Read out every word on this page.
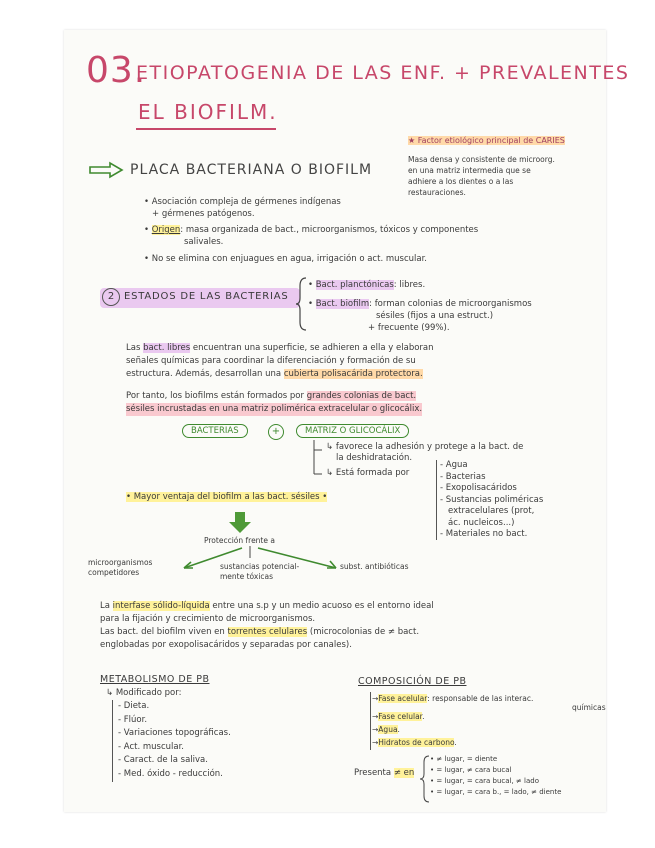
03.
ETIOPATOGENIA DE LAS ENF. + PREVALENTES
EL BIOFILM.
★ Factor etiológico principal de CARIES
PLACA BACTERIANA O BIOFILM
Masa densa y consistente de microorg.
en una matriz intermedia que se
adhiere a los dientes o a las
restauraciones.
• Asociación compleja de gérmenes indígenas
+ gérmenes patógenos.
• Origen: masa organizada de bact., microorganismos, tóxicos y componentes
salivales.
• No se elimina con enjuagues en agua, irrigación o act. muscular.
2 ESTADOS DE LAS BACTERIAS
• Bact. planctónicas: libres.
• Bact. biofilm: forman colonias de microorganismos
sésiles (fijos a una estruct.)
+ frecuente (99%).
Las bact. libres encuentran una superficie, se adhieren a ella y elaboran
señales químicas para coordinar la diferenciación y formación de su
estructura. Además, desarrollan una cubierta polisacárida protectora.
Por tanto, los biofilms están formados por grandes colonias de bact.
sésiles incrustadas en una matriz polimérica extracelular o glicocálix.
BACTERIAS	+	MATRIZ O GLICOCÁLIX
↳ favorece la adhesión y protege a la bact. de
la deshidratación.
↳ Está formada por
- Agua
- Bacterias
- Exopolisacáridos
- Sustancias poliméricas
extracelulares (prot,
ác. nucleicos...)
- Materiales no bact.
• Mayor ventaja del biofilm a las bact. sésiles •
Protección frente a
microorganismos
competidores
sustancias potencial-
mente tóxicas
subst. antibióticas
La interfase sólido-líquida entre una s.p y un medio acuoso es el entorno ideal
para la fijación y crecimiento de microorganismos.
Las bact. del biofilm viven en torrentes celulares (microcolonias de ≠ bact.
englobadas por exopolisacáridos y separadas por canales).
METABOLISMO DE PB
↳ Modificado por:
- Dieta.
- Flúor.
- Variaciones topográficas.
- Act. muscular.
- Caract. de la saliva.
- Med. óxido - reducción.
COMPOSICIÓN DE PB
→Fase acelular: responsable de las interac.
químicas
→Fase celular.
→Agua.
→Hidratos de carbono.
Presenta ≠ en
• ≠ lugar, = diente
• = lugar, ≠ cara bucal
• = lugar, = cara bucal, ≠ lado
• = lugar, = cara b., = lado, ≠ diente
